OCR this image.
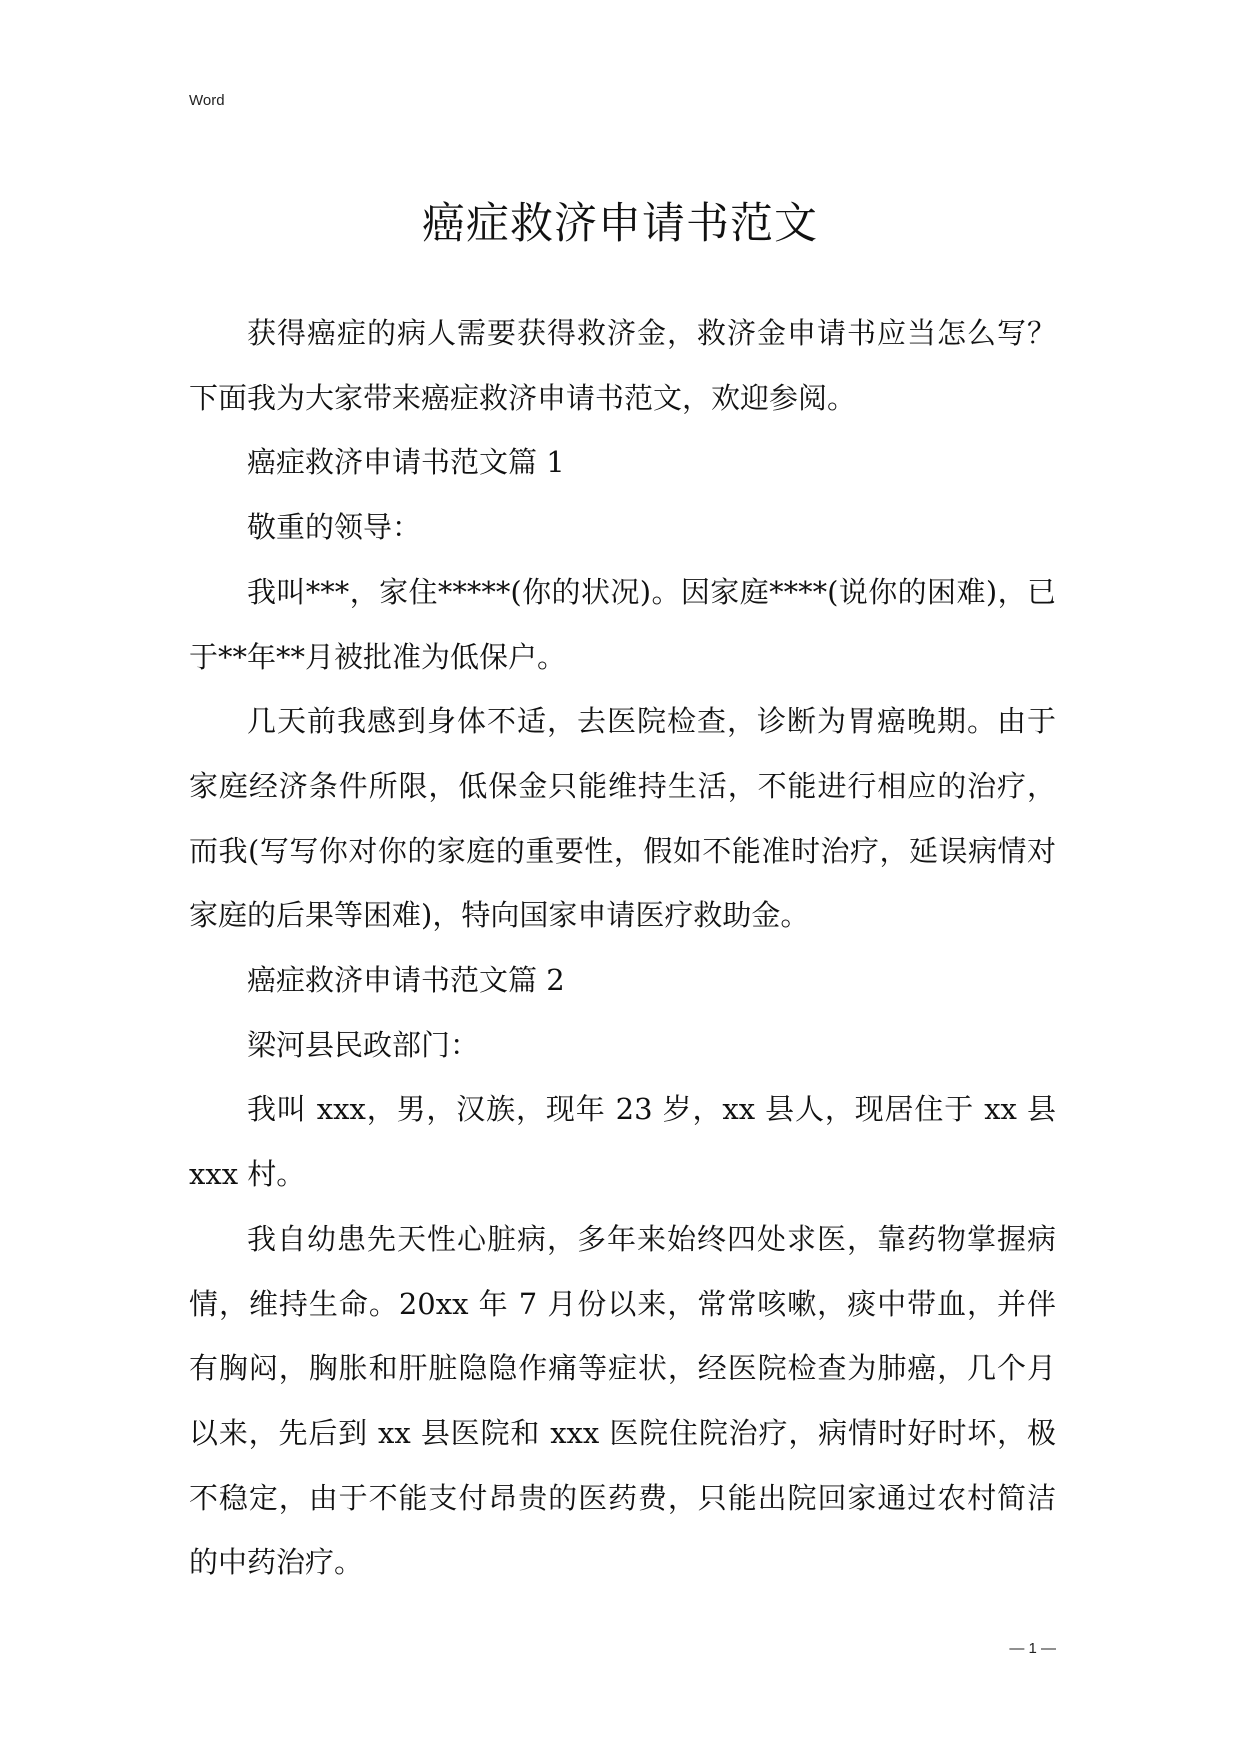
Word
癌症救济申请书范文

获得癌症的病人需要获得救济金，救济金申请书应当怎么写？下面我为大家带来癌症救济申请书范文，欢迎参阅。

癌症救济申请书范文篇 1

敬重的领导：

我叫***，家住*****(你的状况)。因家庭****(说你的困难)，已于**年**月被批准为低保户。

几天前我感到身体不适，去医院检查，诊断为胃癌晚期。由于家庭经济条件所限，低保金只能维持生活，不能进行相应的治疗，而我(写写你对你的家庭的重要性，假如不能准时治疗，延误病情对家庭的后果等困难)，特向国家申请医疗救助金。

癌症救济申请书范文篇 2

梁河县民政部门：

我叫 xxx，男，汉族，现年 23 岁，xx 县人，现居住于 xx 县 xxx 村。

我自幼患先天性心脏病，多年来始终四处求医，靠药物掌握病情，维持生命。20xx 年 7 月份以来，常常咳嗽，痰中带血，并伴有胸闷，胸胀和肝脏隐隐作痛等症状，经医院检查为肺癌，几个月以来，先后到 xx 县医院和 xxx 医院住院治疗，病情时好时坏，极不稳定，由于不能支付昂贵的医药费，只能出院回家通过农村简洁的中药治疗。

— 1 —
